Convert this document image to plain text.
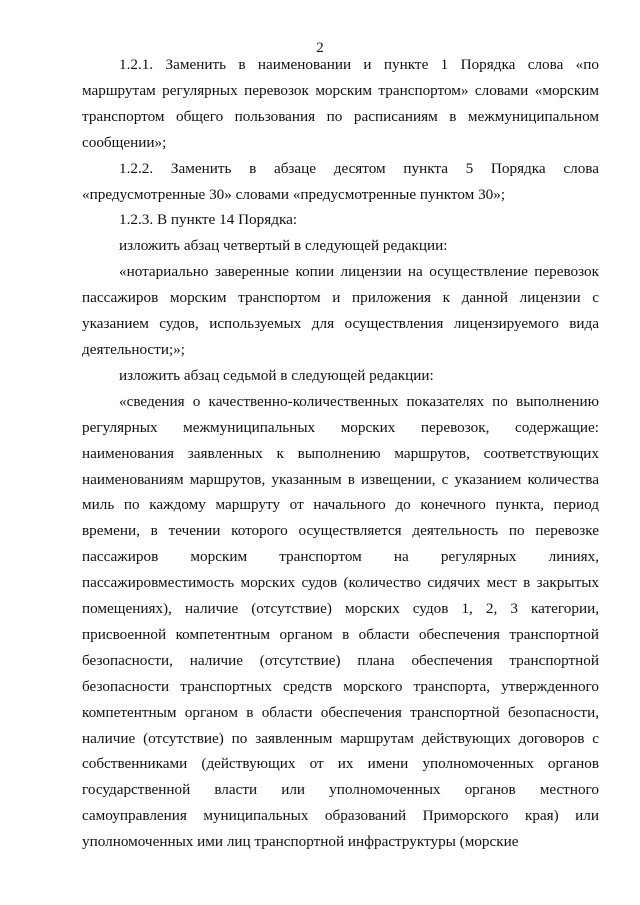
2

1.2.1. Заменить в наименовании и пункте 1 Порядка слова «по маршрутам регулярных перевозок морским транспортом» словами «морским транспортом общего пользования по расписаниям в межмуниципальном сообщении»;

1.2.2. Заменить в абзаце десятом пункта 5 Порядка слова «предусмотренные 30» словами «предусмотренные пунктом 30»;

1.2.3. В пункте 14 Порядка:

изложить абзац четвертый в следующей редакции:

«нотариально заверенные копии лицензии на осуществление перевозок пассажиров морским транспортом и приложения к данной лицензии с указанием судов, используемых для осуществления лицензируемого вида деятельности;»;

изложить абзац седьмой в следующей редакции:

«сведения о качественно-количественных показателях по выполнению регулярных межмуниципальных морских перевозок, содержащие: наименования заявленных к выполнению маршрутов, соответствующих наименованиям маршрутов, указанным в извещении, с указанием количества миль по каждому маршруту от начального до конечного пункта, период времени, в течении которого осуществляется деятельность по перевозке пассажиров морским транспортом на регулярных линиях, пассажировместимость морских судов (количество сидячих мест в закрытых помещениях), наличие (отсутствие) морских судов 1, 2, 3 категории, присвоенной компетентным органом в области обеспечения транспортной безопасности, наличие (отсутствие) плана обеспечения транспортной безопасности транспортных средств морского транспорта, утвержденного компетентным органом в области обеспечения транспортной безопасности, наличие (отсутствие) по заявленным маршрутам действующих договоров с собственниками (действующих от их имени уполномоченных органов государственной власти или уполномоченных органов местного самоуправления муниципальных образований Приморского края) или уполномоченных ими лиц транспортной инфраструктуры (морские
